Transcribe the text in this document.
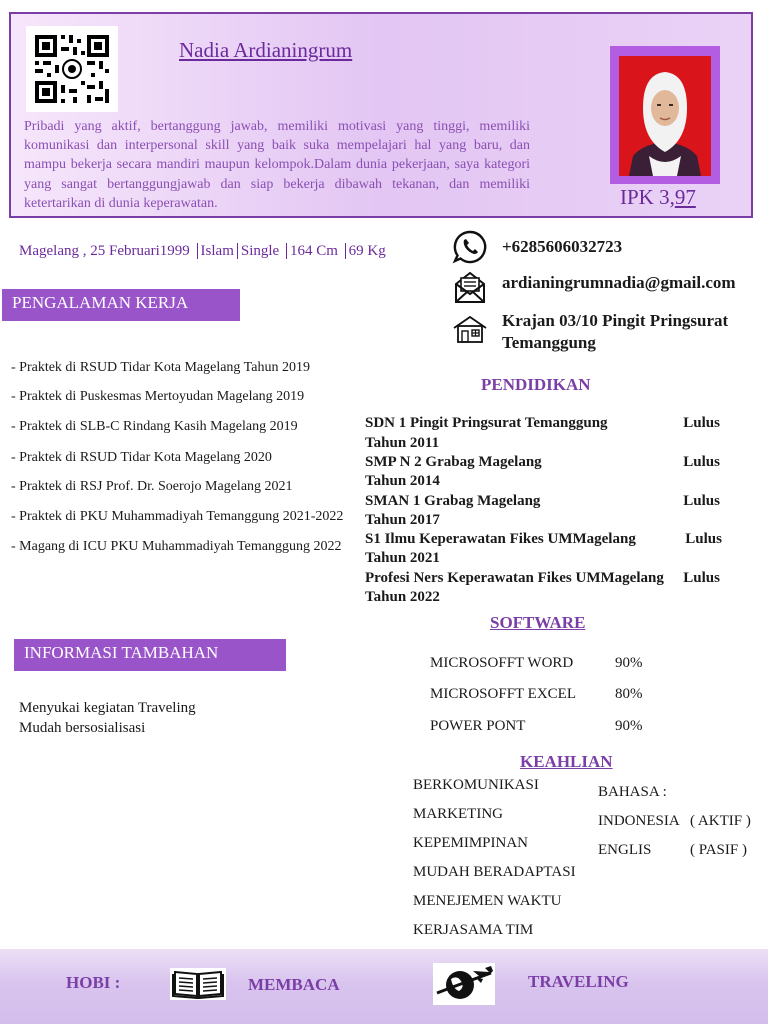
Nadia Ardianingrum
Pribadi yang aktif, bertanggung jawab, memiliki motivasi yang tinggi, memiliki komunikasi dan interpersonal skill yang baik suka mempelajari hal yang baru, dan mampu bekerja secara mandiri maupun kelompok.Dalam dunia pekerjaan, saya kategori yang sangat bertanggungjawab dan siap bekerja dibawah tekanan, dan memiliki ketertarikan di dunia keperawatan.	IPK 3,97
Magelang , 25 Februari1999 Islam Single 164 Cm 69 Kg	+6285606032723
ardianingrumnadia@gmail.com
Krajan 03/10 Pingit Pringsurat
Temanggung
PENGALAMAN KERJA
- Praktek di RSUD Tidar Kota Magelang Tahun 2019
- Praktek di Puskesmas Mertoyudan Magelang 2019
- Praktek di SLB-C Rindang Kasih Magelang 2019
- Praktek di RSUD Tidar Kota Magelang 2020
- Praktek di RSJ Prof. Dr. Soerojo Magelang 2021
- Praktek di PKU Muhammadiyah Temanggung 2021-2022
- Magang di ICU PKU Muhammadiyah Temanggung 2022
PENDIDIKAN
SDN 1 Pingit Pringsurat Temanggung	Lulus
Tahun 2011
SMP N 2 Grabag Magelang	Lulus
Tahun 2014
SMAN 1 Grabag Magelang	Lulus
Tahun 2017
S1 Ilmu Keperawatan Fikes UMMagelang	Lulus
Tahun 2021
Profesi Ners Keperawatan Fikes UMMagelang Lulus
Tahun 2022
SOFTWARE
MICROSOFFT WORD	90%
MICROSOFFT EXCEL	80%
POWER PONT	90%
KEAHLIAN
BERKOMUNIKASI
MARKETING
KEPEMIMPINAN
MUDAH BERADAPTASI
MENEJEMEN WAKTU
KERJASAMA TIM
BAHASA :
INDONESIA ( AKTIF )
ENGLIS	( PASIF )
INFORMASI TAMBAHAN
Menyukai kegiatan Traveling
Mudah bersosialisasi
HOBI :	MEMBACA	TRAVELING
